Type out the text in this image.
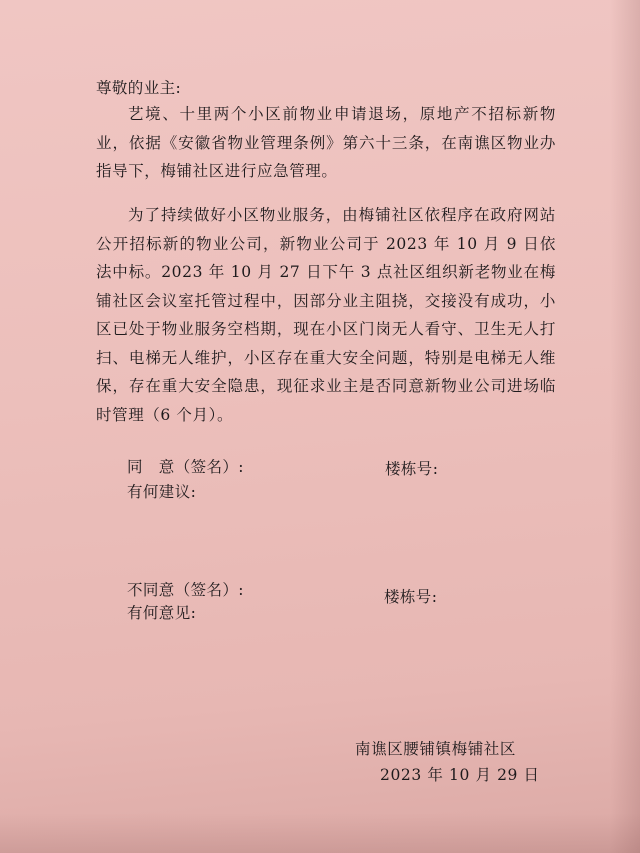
尊敬的业主:
艺境、十里两个小区前物业申请退场，原地产不招标新物业，依据《安徽省物业管理条例》第六十三条，在南谯区物业办指导下，梅铺社区进行应急管理。
为了持续做好小区物业服务，由梅铺社区依程序在政府网站公开招标新的物业公司，新物业公司于 2023 年 10 月 9 日依法中标。2023 年 10 月 27 日下午 3 点社区组织新老物业在梅铺社区会议室托管过程中，因部分业主阻挠，交接没有成功，小区已处于物业服务空档期，现在小区门岗无人看守、卫生无人打扫、电梯无人维护，小区存在重大安全问题，特别是电梯无人维保，存在重大安全隐患，现征求业主是否同意新物业公司进场临时管理（6 个月）。
同　意（签名）:	楼栋号:
有何建议:
不同意（签名）:	楼栋号:
有何意见:
南谯区腰铺镇梅铺社区
2023 年 10 月 29 日
